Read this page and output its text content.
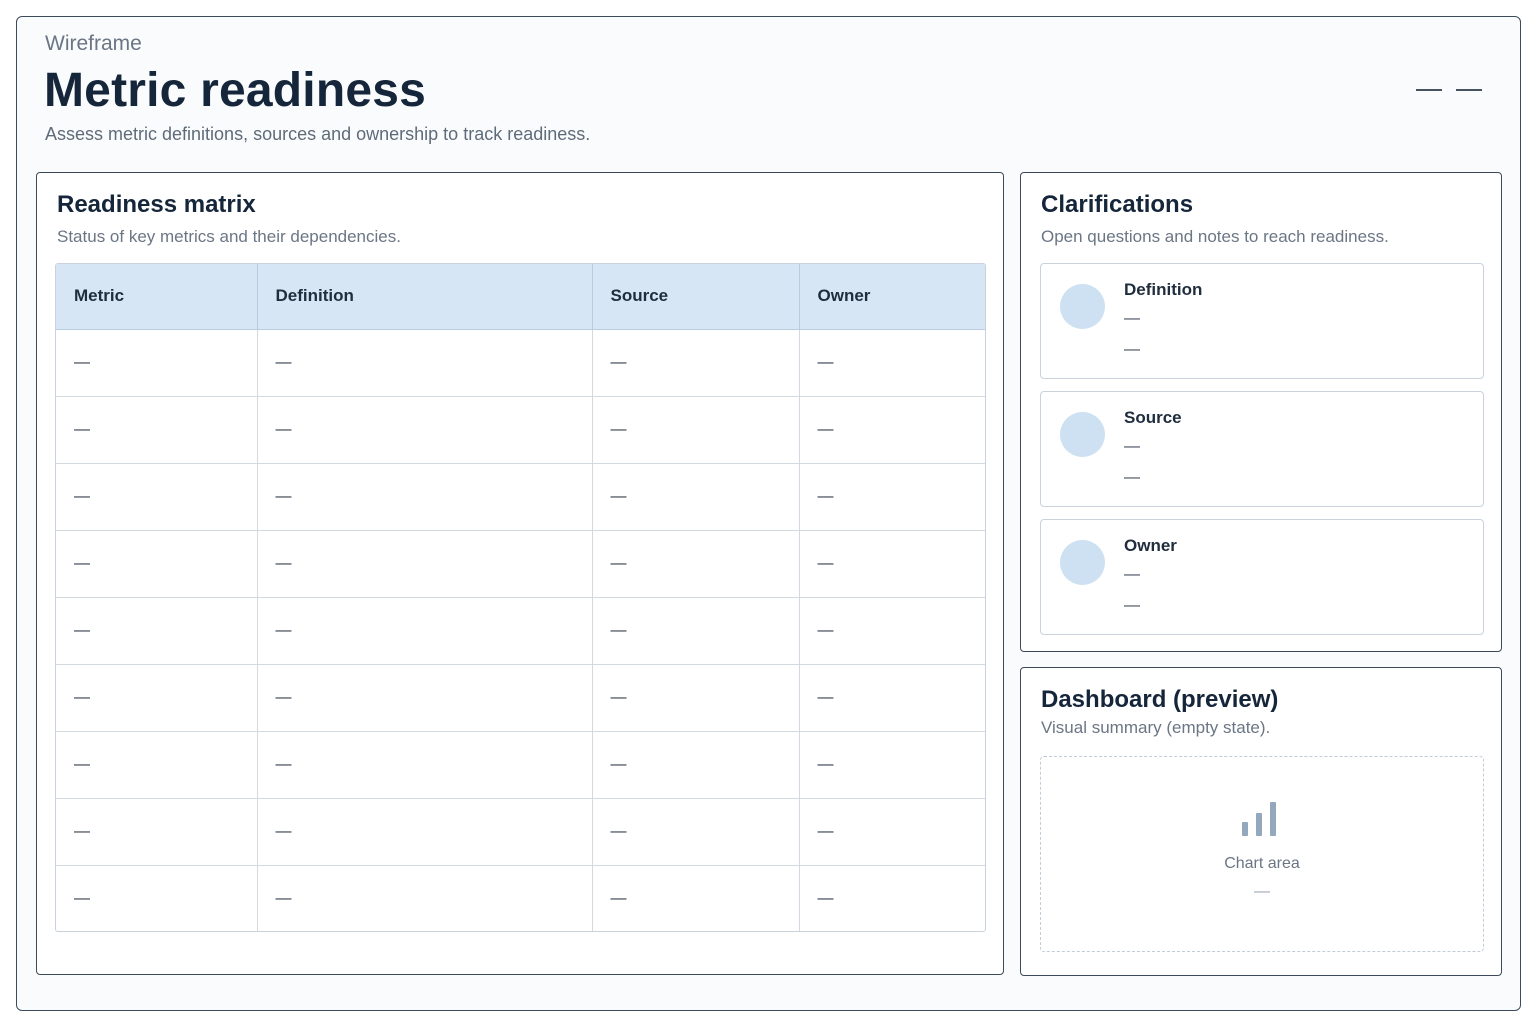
Wireframe
Metric readiness
Assess metric definitions, sources and ownership to track readiness.
Readiness matrix
Status of key metrics and their dependencies.
Metric	Definition	Source	Owner
—	—	—	—
—	—	—	—
—	—	—	—
—	—	—	—
—	—	—	—
—	—	—	—
—	—	—	—
—	—	—	—
—	—	—	—
Clarifications
Open questions and notes to reach readiness.
Definition
—
—
Source
—
—
Owner
—
—
Dashboard (preview)
Visual summary (empty state).
Chart area
—
